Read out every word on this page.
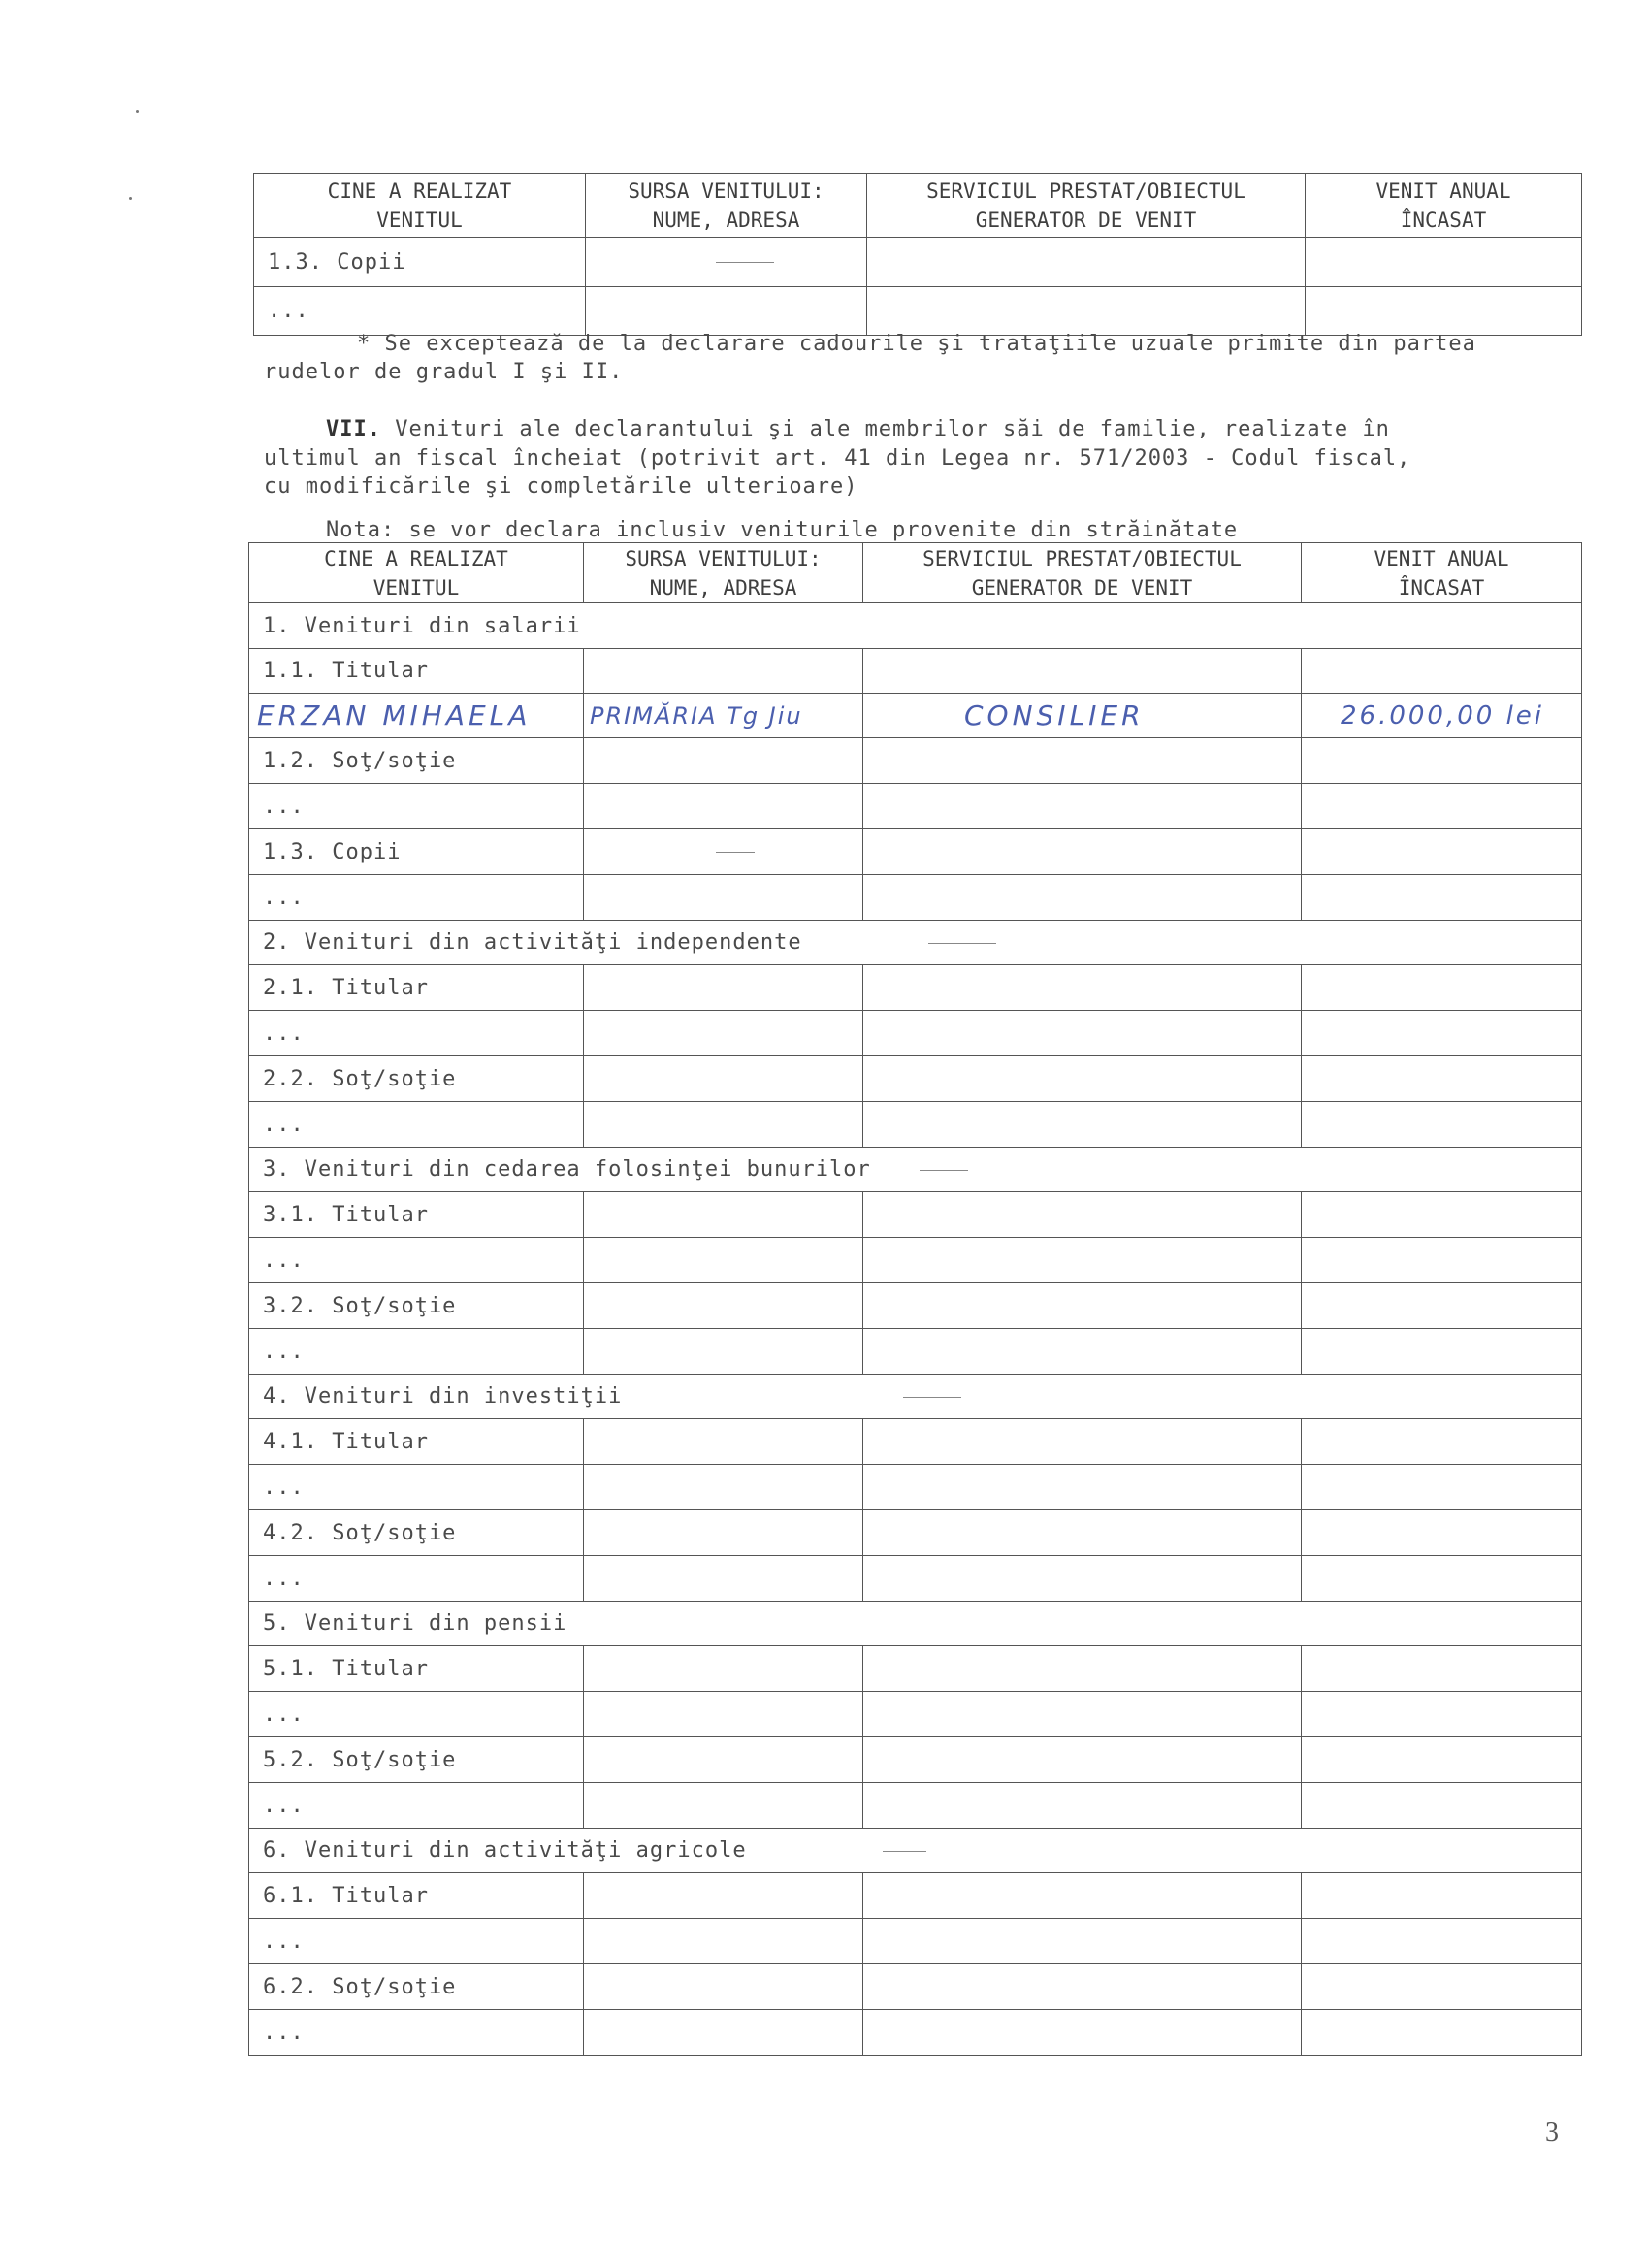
CINE A REALIZAT VENITUL	SURSA VENITULUI: NUME, ADRESA	SERVICIUL PRESTAT/OBIECTUL GENERATOR DE VENIT	VENIT ANUAL ÎNCASAT
1.3. Copii			
...			
* Se exceptează de la declarare cadourile şi trataţiile uzuale primite din partea
rudelor de gradul I şi II.
VII. Venituri ale declarantului şi ale membrilor săi de familie, realizate în
ultimul an fiscal încheiat (potrivit art. 41 din Legea nr. 571/2003 - Codul fiscal,
cu modificările şi completările ulterioare)
Nota: se vor declara inclusiv veniturile provenite din străinătate
CINE A REALIZAT VENITUL	SURSA VENITULUI: NUME, ADRESA	SERVICIUL PRESTAT/OBIECTUL GENERATOR DE VENIT	VENIT ANUAL ÎNCASAT
1. Venituri din salarii			
1.1. Titular			
ERZAN MIHAELA	PRIMĂRIA Tg Jiu	CONSILIER	26.000,00 lei
1.2. Soţ/soţie			
...			
1.3. Copii			
...			
2. Venituri din activităţi independente			
2.1. Titular			
...			
2.2. Soţ/soţie			
...			
3. Venituri din cedarea folosinţei bunurilor			
3.1. Titular			
...			
3.2. Soţ/soţie			
...			
4. Venituri din investiţii			
4.1. Titular			
...			
4.2. Soţ/soţie			
...			
5. Venituri din pensii			
5.1. Titular			
...			
5.2. Soţ/soţie			
...			
6. Venituri din activităţi agricole			
6.1. Titular			
...			
6.2. Soţ/soţie			
...			
3
